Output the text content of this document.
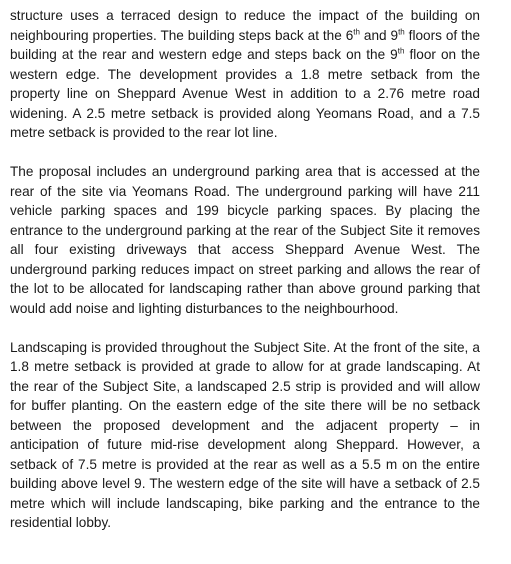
structure uses a terraced design to reduce the impact of the building on neighbouring properties. The building steps back at the 6th and 9th floors of the building at the rear and western edge and steps back on the 9th floor on the western edge. The development provides a 1.8 metre setback from the property line on Sheppard Avenue West in addition to a 2.76 metre road widening. A 2.5 metre setback is provided along Yeomans Road, and a 7.5 metre setback is provided to the rear lot line.

The proposal includes an underground parking area that is accessed at the rear of the site via Yeomans Road. The underground parking will have 211 vehicle parking spaces and 199 bicycle parking spaces. By placing the entrance to the underground parking at the rear of the Subject Site it removes all four existing driveways that access Sheppard Avenue West. The underground parking reduces impact on street parking and allows the rear of the lot to be allocated for landscaping rather than above ground parking that would add noise and lighting disturbances to the neighbourhood.

Landscaping is provided throughout the Subject Site. At the front of the site, a 1.8 metre setback is provided at grade to allow for at grade landscaping. At the rear of the Subject Site, a landscaped 2.5 strip is provided and will allow for buffer planting. On the eastern edge of the site there will be no setback between the proposed development and the adjacent property – in anticipation of future mid-rise development along Sheppard. However, a setback of 7.5 metre is provided at the rear as well as a 5.5 m on the entire building above level 9. The western edge of the site will have a setback of 2.5 metre which will include landscaping, bike parking and the entrance to the residential lobby.
